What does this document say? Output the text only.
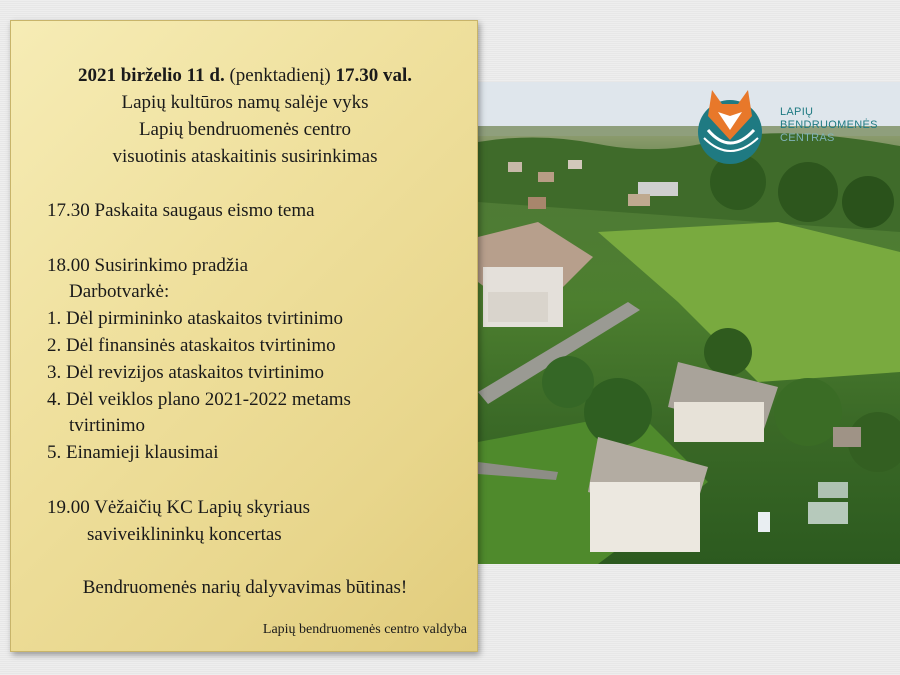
LAPIŲ
BENDRUOMENĖS
CENTRAS
2021 birželio 11 d. (penktadienį) 17.30 val.
Lapių kultūros namų salėje vyks
Lapių bendruomenės centro
visuotinis ataskaitinis susirinkimas
17.30 Paskaita saugaus eismo tema
18.00 Susirinkimo pradžia
Darbotvarkė:
1. Dėl pirmininko ataskaitos tvirtinimo
2. Dėl finansinės ataskaitos tvirtinimo
3. Dėl revizijos ataskaitos tvirtinimo
4. Dėl veiklos plano 2021-2022 metams
tvirtinimo
5. Einamieji klausimai
19.00 Vėžaičių KC Lapių skyriaus
saviveiklininkų koncertas
Bendruomenės narių dalyvavimas būtinas!
Lapių bendruomenės centro valdyba
